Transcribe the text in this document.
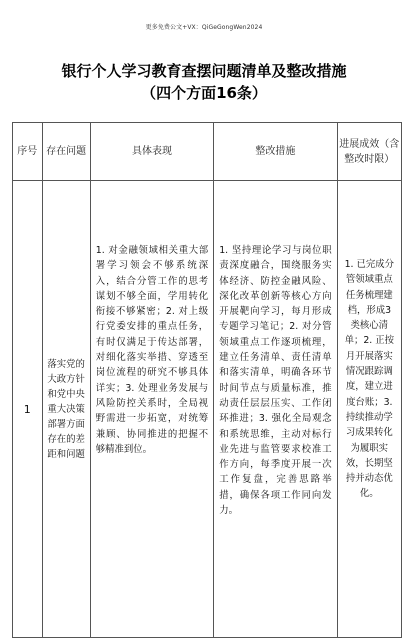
更多免费公文+VX：QiGeGongWen2024
银行个人学习教育查摆问题清单及整改措施
（四个方面16条）
序号	存在问题	具体表现	整改措施	进展成效（含整改时限）
1	落实党的大政方针和党中央重大决策部署方面存在的差距和问题	1. 对金融领域相关重大部署学习领会不够系统深入，结合分管工作的思考谋划不够全面，学用转化衔接不够紧密；2. 对上级行党委安排的重点任务，有时仅满足于传达部署，对细化落实举措、穿透至岗位流程的研究不够具体详实；3. 处理业务发展与风险防控关系时，全局视野需进一步拓宽，对统筹兼顾、协同推进的把握不够精准到位。	1. 坚持理论学习与岗位职责深度融合，围绕服务实体经济、防控金融风险、深化改革创新等核心方向开展靶向学习，每月形成专题学习笔记；2. 对分管领域重点工作逐项梳理，建立任务清单、责任清单和落实清单，明确各环节时间节点与质量标准，推动责任层层压实、工作闭环推进；3. 强化全局观念和系统思维，主动对标行业先进与监管要求校准工作方向，每季度开展一次工作复盘，完善思路举措，确保各项工作同向发力。	1. 已完成分管领域重点任务梳理建档，形成3类核心清单；2. 正按月开展落实情况跟踪调度，建立进度台账；3. 持续推动学习成果转化为履职实效，长期坚持并动态优化。
